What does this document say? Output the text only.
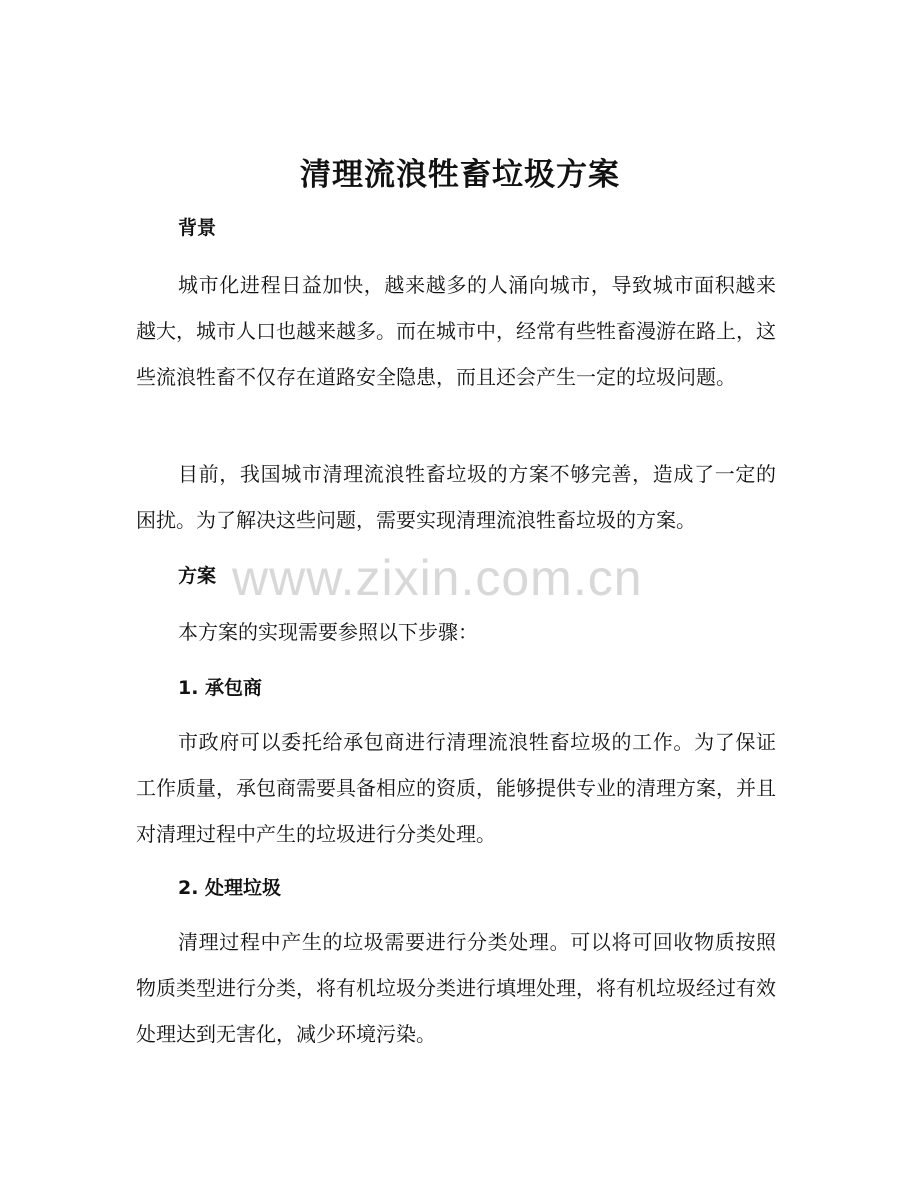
清理流浪牲畜垃圾方案
背景

城市化进程日益加快，越来越多的人涌向城市，导致城市面积越来越大，城市人口也越来越多。而在城市中，经常有些牲畜漫游在路上，这些流浪牲畜不仅存在道路安全隐患，而且还会产生一定的垃圾问题。

目前，我国城市清理流浪牲畜垃圾的方案不够完善，造成了一定的困扰。为了解决这些问题，需要实现清理流浪牲畜垃圾的方案。

方案
本方案的实现需要参照以下步骤：
1. 承包商

市政府可以委托给承包商进行清理流浪牲畜垃圾的工作。为了保证工作质量，承包商需要具备相应的资质，能够提供专业的清理方案，并且对清理过程中产生的垃圾进行分类处理。

2. 处理垃圾

清理过程中产生的垃圾需要进行分类处理。可以将可回收物质按照物质类型进行分类，将有机垃圾分类进行填埋处理，将有机垃圾经过有效处理达到无害化，减少环境污染。

www.zixin.com.cn
